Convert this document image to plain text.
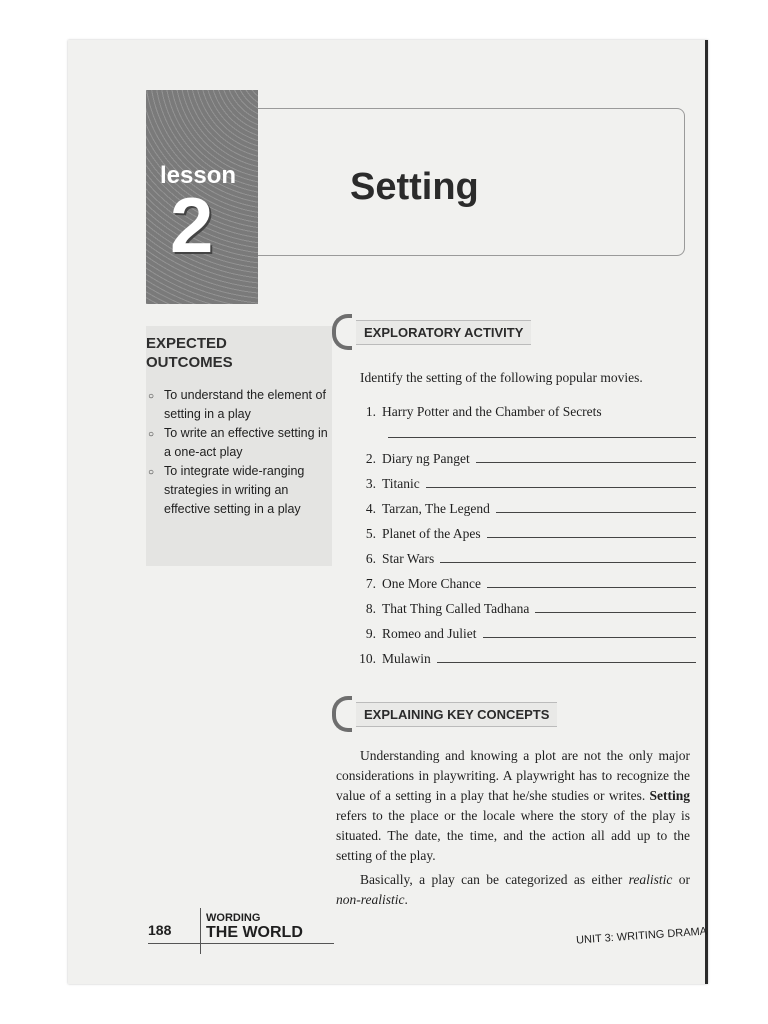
lesson
2	Setting
EXPECTED OUTCOMES
○ To understand the element of setting in a play
○ To write an effective setting in a one-act play
○ To integrate wide-ranging strategies in writing an effective setting in a play
EXPLORATORY ACTIVITY
Identify the setting of the following popular movies.
1. Harry Potter and the Chamber of Secrets
2. Diary ng Panget
3. Titanic
4. Tarzan, The Legend
5. Planet of the Apes
6. Star Wars
7. One More Chance
8. That Thing Called Tadhana
9. Romeo and Juliet
10. Mulawin
EXPLAINING KEY CONCEPTS

Understanding and knowing a plot are not the only major considerations in playwriting. A playwright has to recognize the value of a setting in a play that he/she studies or writes. Setting refers to the place or the locale where the story of the play is situated. The date, the time, and the action all add up to the setting of the play.

Basically, a play can be categorized as either realistic or non-realistic.

188
WORDING
THE WORLD	UNIT 3: WRITING DRAMA
